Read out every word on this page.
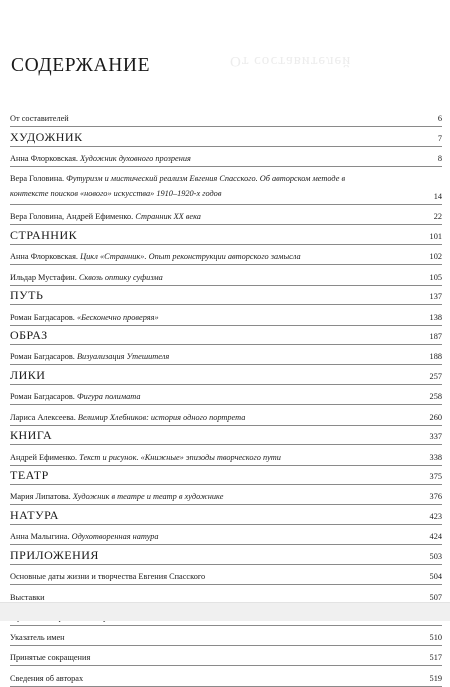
От составителей
СОДЕРЖАНИЕ
От составителей	6
ХУДОЖНИК	7
Анна Флорковская. Художник духовного прозрения	8
Вера Головина. Футуризм и мистический реализм Евгения Спасского. Об авторском методе в контексте поисков «нового» искусства» 1910–1920-х годов	14
Вера Головина, Андрей Ефименко. Странник XX века	22
СТРАННИК	101
Анна Флорковская. Цикл «Странник». Опыт реконструкции авторского замысла	102
Ильдар Мустафин. Сквозь оптику суфизма	105
ПУТЬ	137
Роман Багдасаров. «Бесконечно проверяя»	138
ОБРАЗ	187
Роман Багдасаров. Визуализация Утешителя	188
ЛИКИ	257
Роман Багдасаров. Фигура полимата	258
Лариса Алексеева. Велимир Хлебников: история одного портрета	260
КНИГА	337
Андрей Ефименко. Текст и рисунок. «Книжные» эпизоды творческого пути	338
ТЕАТР	375
Мария Липатова. Художник в театре и театр в художнике	376
НАТУРА	423
Анна Малыгина. Одухотворенная натура	424
ПРИЛОЖЕНИЯ	503
Основные даты жизни и творчества Евгения Спасского	504
Выставки	507
Указатель имен	510
Принятые сокращения	517
Сведения об авторах	519
